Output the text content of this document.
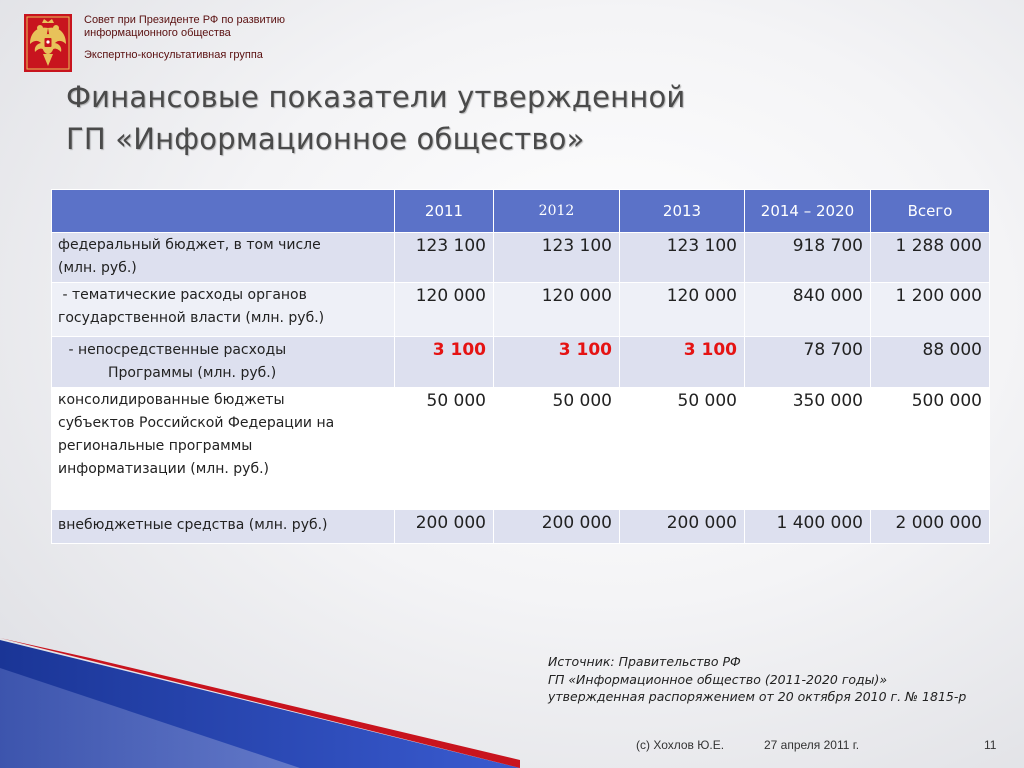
Совет при Президенте РФ по развитию
информационного общества
Экспертно-консультативная группа
Финансовые показатели утвержденной
ГП «Информационное общество»
	2011	2012	2013	2014 – 2020	Всего

федеральный бюджет, в том числе
(млн. руб.)	123 100	123 100	123 100	918 700	1 288 000

- тематические расходы органов
государственной власти (млн. руб.)	120 000	120 000	120 000	840 000	1 200 000

- непосредственные расходы
Программы (млн. руб.)	3 100	3 100	3 100	78 700	88 000

консолидированные бюджеты
субъектов Российской Федерации на
региональные программы
информатизации (млн. руб.)	50 000	50 000	50 000	350 000	500 000

внебюджетные средства (млн. руб.)	200 000	200 000	200 000	1 400 000	2 000 000
Источник: Правительство РФ
ГП «Информационное общество (2011-2020 годы)»
утвержденная распоряжением от 20 октября 2010 г. № 1815-р
(с) Хохлов Ю.Е.	27 апреля 2011 г.	11
